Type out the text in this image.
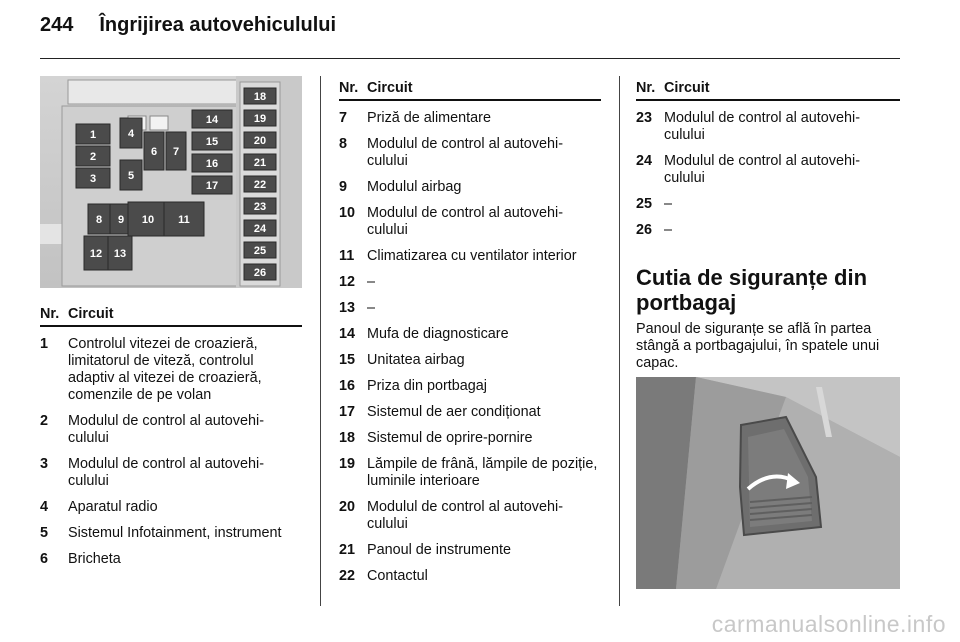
244 Îngrijirea autovehiculului
1
2
3
4
5
6 7
8 9 10 11
12 13
14
15
16
17
18
19
20
21
22
23
24
25
26
Nr. Circuit
1	Controlul vitezei de croazieră, limitatorul de viteză, controlul adaptiv al vitezei de croazieră, comenzile de pe volan
2	Modulul de control al autovehi-culului
3	Modulul de control al autovehi-culului
4	Aparatul radio
5	Sistemul Infotainment, instrument
6	Bricheta
Nr. Circuit
7	Priză de alimentare
8	Modulul de control al autovehi-culului
9	Modulul airbag
10 Modulul de control al autovehi-culului
11 Climatizarea cu ventilator interior
12 –
13 –
14 Mufa de diagnosticare
15 Unitatea airbag
16 Priza din portbagaj
17 Sistemul de aer condiționat
18 Sistemul de oprire-pornire
19 Lămpile de frână, lămpile de poziție, luminile interioare
20 Modulul de control al autovehi-culului
21 Panoul de instrumente
22 Contactul
Nr. Circuit
23 Modulul de control al autovehi-culului
24 Modulul de control al autovehi-culului
25 –
26 –
Cutia de siguranțe din portbagaj
Panoul de siguranțe se află în partea stângă a portbagajului, în spatele unui capac.
carmanualsonline.info
